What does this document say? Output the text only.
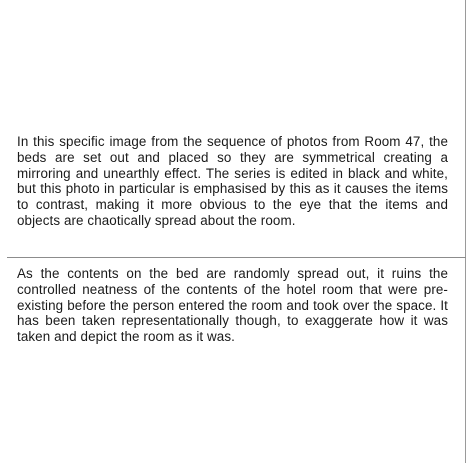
In this specific image from the sequence of photos from Room 47, the beds are set out and placed so they are symmetrical creating a mirroring and unearthly effect. The series is edited in black and white, but this photo in particular is emphasised by this as it causes the items to contrast, making it more obvious to the eye that the items and objects are chaotically spread about the room.

As the contents on the bed are randomly spread out, it ruins the controlled neatness of the contents of the hotel room that were pre-existing before the person entered the room and took over the space. It has been taken representationally though, to exaggerate how it was taken and depict the room as it was.
